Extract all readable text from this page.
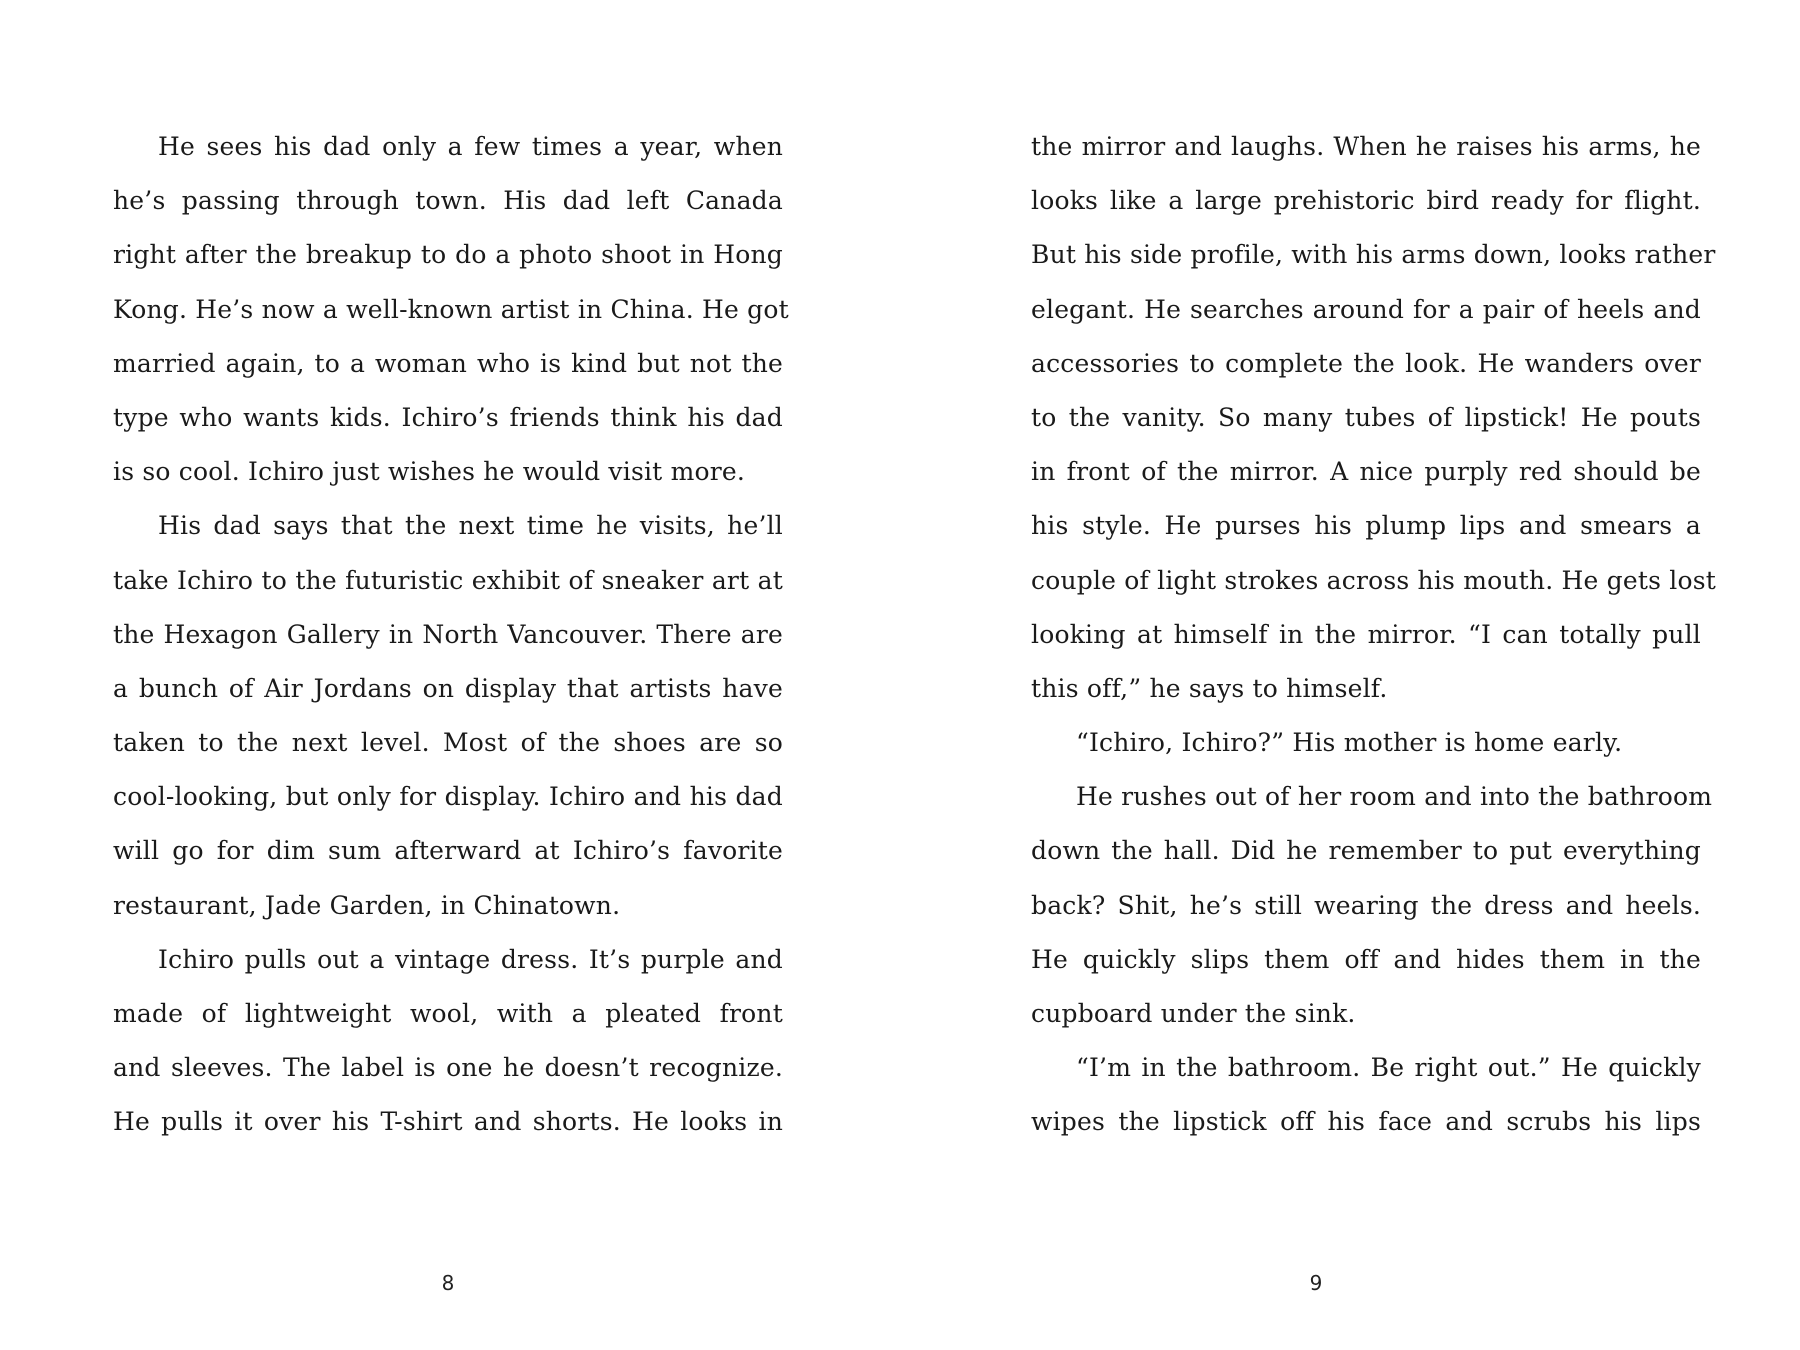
He sees his dad only a few times a year, when
he’s passing through town. His dad left Canada
right after the breakup to do a photo shoot in Hong
Kong. He’s now a well-known artist in China. He got
married again, to a woman who is kind but not the
type who wants kids. Ichiro’s friends think his dad
is so cool. Ichiro just wishes he would visit more.
His dad says that the next time he visits, he’ll
take Ichiro to the futuristic exhibit of sneaker art at
the Hexagon Gallery in North Vancouver. There are
a bunch of Air Jordans on display that artists have
taken to the next level. Most of the shoes are so
cool-looking, but only for display. Ichiro and his dad
will go for dim sum afterward at Ichiro’s favorite
restaurant, Jade Garden, in Chinatown.
Ichiro pulls out a vintage dress. It’s purple and
made of lightweight wool, with a pleated front
and sleeves. The label is one he doesn’t recognize.
He pulls it over his T-shirt and shorts. He looks in
8
the mirror and laughs. When he raises his arms, he
looks like a large prehistoric bird ready for flight.
But his side profile, with his arms down, looks rather
elegant. He searches around for a pair of heels and
accessories to complete the look. He wanders over
to the vanity. So many tubes of lipstick! He pouts
in front of the mirror. A nice purply red should be
his style. He purses his plump lips and smears a
couple of light strokes across his mouth. He gets lost
looking at himself in the mirror. “I can totally pull
this off,” he says to himself.
“Ichiro, Ichiro?” His mother is home early.
He rushes out of her room and into the bathroom
down the hall. Did he remember to put everything
back? Shit, he’s still wearing the dress and heels.
He quickly slips them off and hides them in the
cupboard under the sink.
“I’m in the bathroom. Be right out.” He quickly
wipes the lipstick off his face and scrubs his lips
9
